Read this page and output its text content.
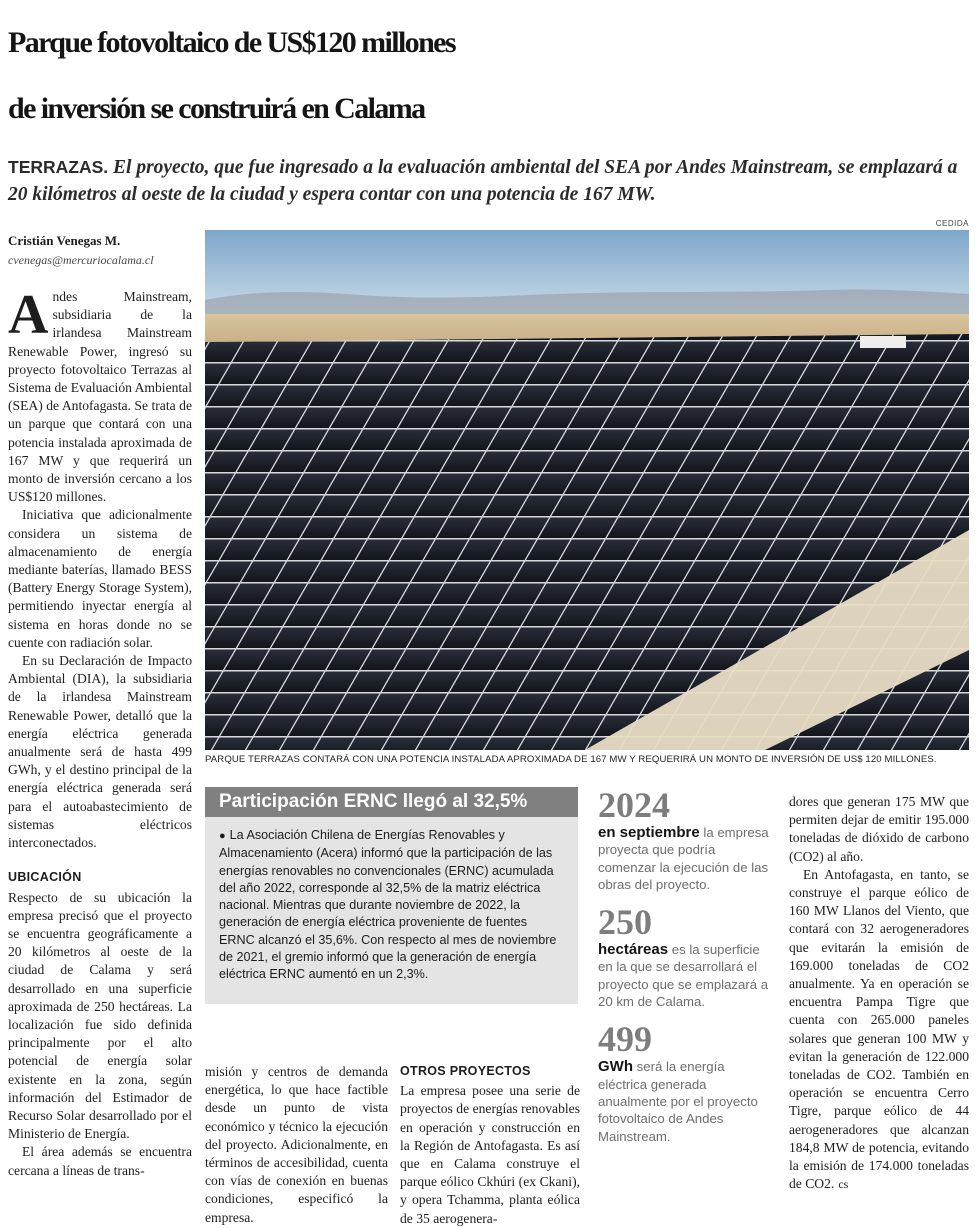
Parque fotovoltaico de US$120 millones
de inversión se construirá en Calama
TERRAZAS. El proyecto, que fue ingresado a la evaluación ambiental del SEA por Andes Mainstream, se emplazará a 20 kilómetros al oeste de la ciudad y espera contar con una potencia de 167 MW.
CEDIDA
Cristián Venegas M.
cvenegas@mercuriocalama.cl

Andes Mainstream, subsidiaria de la irlandesa Mainstream Renewable Power, ingresó su proyecto fotovoltaico Terrazas al Sistema de Evaluación Ambiental (SEA) de Antofagasta. Se trata de un parque que contará con una potencia instalada aproximada de 167 MW y que requerirá un monto de inversión cercano a los US$120 millones.

Iniciativa que adicionalmente considera un sistema de almacenamiento de energía mediante baterías, llamado BESS (Battery Energy Storage System), permitiendo inyectar energía al sistema en horas donde no se cuente con radiación solar.

En su Declaración de Impacto Ambiental (DIA), la subsidiaria de la irlandesa Mainstream Renewable Power, detalló que la energía eléctrica generada anualmente será de hasta 499 GWh, y el destino principal de la energía eléctrica generada será para el autoabastecimiento de sistemas eléctricos interconectados.

UBICACIÓN

Respecto de su ubicación la empresa precisó que el proyecto se encuentra geográficamente a 20 kilómetros al oeste de la ciudad de Calama y será desarrollado en una superficie aproximada de 250 hectáreas. La localización fue sido definida principalmente por el alto potencial de energía solar existente en la zona, según información del Estimador de Recurso Solar desarrollado por el Ministerio de Energía.

El área además se encuentra cercana a líneas de trans-

PARQUE TERRAZAS CONTARÁ CON UNA POTENCIA INSTALADA APROXIMADA DE 167 MW Y REQUERIRÁ UN MONTO DE INVERSIÓN DE US$ 120 MILLONES.
Participación ERNC llegó al 32,5%
● La Asociación Chilena de Energías Renovables y Almacenamiento (Acera) informó que la participación de las energías renovables no convencionales (ERNC) acumulada del año 2022, corresponde al 32,5% de la matriz eléctrica nacional. Mientras que durante noviembre de 2022, la generación de energía eléctrica proveniente de fuentes ERNC alcanzó el 35,6%. Con respecto al mes de noviembre de 2021, el gremio informó que la generación de energía eléctrica ERNC aumentó en un 2,3%.
2024
en septiembre la empresa proyecta que podría comenzar la ejecución de las obras del proyecto.
250
hectáreas es la superficie en la que se desarrollará el proyecto que se emplazará a 20 km de Calama.
499
GWh será la energía eléctrica generada anualmente por el proyecto fotovoltaico de Andes Mainstream.

misión y centros de demanda energética, lo que hace factible desde un punto de vista económico y técnico la ejecución del proyecto. Adicionalmente, en términos de accesibilidad, cuenta con vías de conexión en buenas condiciones, especificó la empresa.

OTROS PROYECTOS

La empresa posee una serie de proyectos de energías renovables en operación y construcción en la Región de Antofagasta. Es así que en Calama construye el parque eólico Ckhúri (ex Ckani), y opera Tchamma, planta eólica de 35 aerogenera-

dores que generan 175 MW que permiten dejar de emitir 195.000 toneladas de dióxido de carbono (CO2) al año.

En Antofagasta, en tanto, se construye el parque eólico de 160 MW Llanos del Viento, que contará con 32 aerogeneradores que evitarán la emisión de 169.000 toneladas de CO2 anualmente. Ya en operación se encuentra Pampa Tigre que cuenta con 265.000 paneles solares que generan 100 MW y evitan la generación de 122.000 toneladas de CO2. También en operación se encuentra Cerro Tigre, parque eólico de 44 aerogeneradores que alcanzan 184,8 MW de potencia, evitando la emisión de 174.000 toneladas de CO2. cs
